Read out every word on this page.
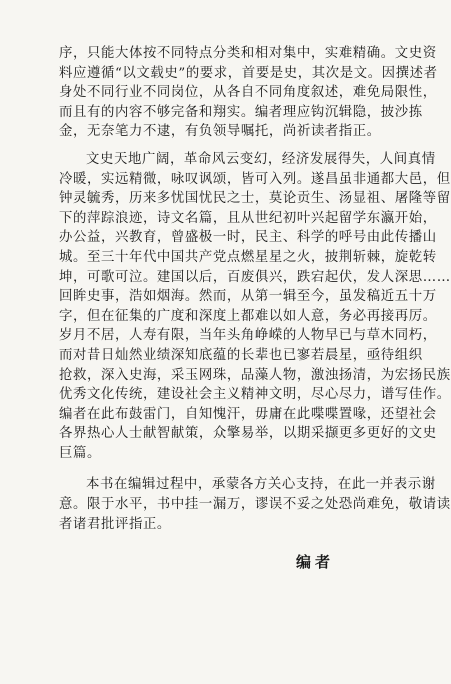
序，只能大体按不同特点分类和相对集中，实难精确。文史资
料应遵循“以文载史”的要求，首要是史，其次是文。因撰述者
身处不同行业不同岗位，从各自不同角度叙述，难免局限性，
而且有的内容不够完备和翔实。编者理应钩沉辑隐，披沙拣
金，无奈笔力不逮，有负领导嘱托，尚祈读者指正。
文史天地广阔，革命风云变幻，经济发展得失，人间真情
冷暖，实远精微，咏叹讽颂，皆可入列。遂昌虽非通都大邑，但
钟灵毓秀，历来多忧国忧民之士，莫论贡生、汤显祖、屠隆等留
下的萍踪浪迹，诗文名篇，且从世纪初叶兴起留学东瀛开始，
办公益，兴教育，曾盛极一时，民主、科学的呼号由此传播山
城。至三十年代中国共产党点燃星星之火，披荆斩棘，旋乾转
坤，可歌可泣。建国以后，百废俱兴，跌宕起伏，发人深思……
回眸史事，浩如烟海。然而，从第一辑至今，虽发稿近五十万
字，但在征集的广度和深度上都难以如人意，务必再接再厉。
岁月不居，人寿有限，当年头角峥嵘的人物早已与草木同朽，
而对昔日灿然业绩深知底蕴的长辈也已寥若晨星，亟待组织
抢救，深入史海，采玉网珠，品藻人物，激浊扬清，为宏扬民族
优秀文化传统，建设社会主义精神文明，尽心尽力，谱写佳作。
编者在此布鼓雷门，自知愧汗，毋庸在此喋喋置喙，还望社会
各界热心人士献智献策，众擎易举，以期采撷更多更好的文史
巨篇。
本书在编辑过程中，承蒙各方关心支持，在此一并表示谢
意。限于水平，书中挂一漏万，谬误不妥之处恐尚难免，敬请读
者诸君批评指正。
编者
